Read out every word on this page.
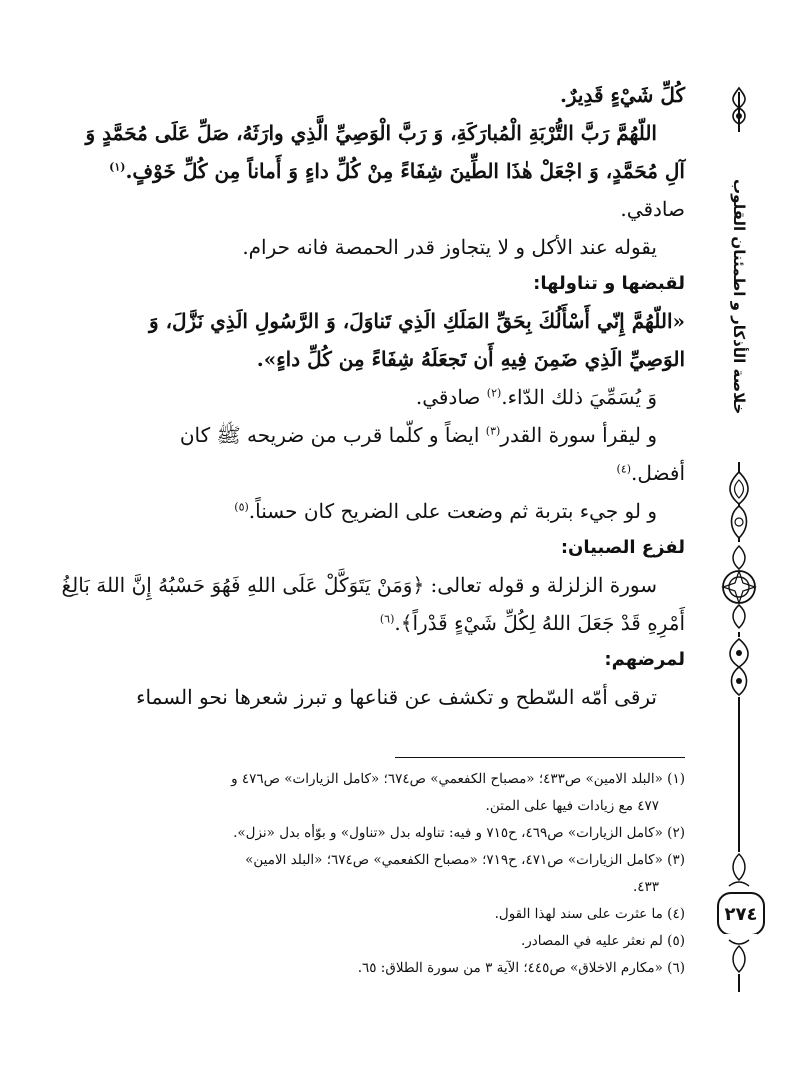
خلاصة الأذكار و اطمئنان القلوب
٢٧٤

كُلِّ شَيْءٍ قَدِيرٌ.

اللّهُمَّ رَبَّ التُّرْبَةِ الْمُبارَكَةِ، وَ رَبَّ الْوَصِيِّ الَّذِي وارَثَهُ، صَلِّ عَلَى مُحَمَّدٍ وَ

آلِ مُحَمَّدٍ، وَ اجْعَلْ هٰذَا الطِّينَ شِفَاءً مِنْ كُلِّ داءٍ وَ أَماناً مِن كُلِّ خَوْفٍ.$^{(١)}$

صادقي.

يقوله عند الأكل و لا يتجاوز قدر الحمصة فانه حرام.

لقبضها و تناولها:

«اللّهُمَّ إِنّي أَسْأَلُكَ بِحَقِّ المَلَكِ الَذِي تَناوَلَ، وَ الرَّسُولِ الَذِي نَزَّلَ، وَ

الوَصِيِّ الَذِي ضَمِنَ فِيهِ أَن تَجعَلَهُ شِفَاءً مِن كُلِّ داءٍ».

وَ يُسَمِّيَ ذلك الدّاء.$^{(٢)}$ صادقي.

و ليقرأ سورة القدر$^{(٣)}$ ايضاً و كلّما قرب من ضريحه ﷺ كان

أفضل.$^{(٤)}$

و لو جيء بتربة ثم وضعت على الضريح كان حسناً.$^{(٥)}$

لفزع الصبيان:

سورة الزلزلة و قوله تعالى: ﴿وَمَنْ يَتَوَكَّلْ عَلَى اللهِ فَهُوَ حَسْبُهُ إِنَّ اللهَ بَالِغُ

أَمْرِهِ قَدْ جَعَلَ اللهُ لِكُلِّ شَيْءٍ قَدْراً﴾.$^{(٦)}$

لمرضهم:

ترقى أمّه السّطح و تكشف عن قناعها و تبرز شعرها نحو السماء

(١) «البلد الامين» ص٤٣٣؛ «مصباح الكفعمي» ص٦٧٤؛ «كامل الزيارات» ص٤٧٦ و
٤٧٧ مع زيادات فيها على المتن.

(٢) «كامل الزيارات» ص٤٦٩، ح٧١٥ و فيه: تناوله بدل «تناول» و بوّأه بدل «نزل».

(٣) «كامل الزيارات» ص٤٧١، ح٧١٩؛ «مصباح الكفعمي» ص٦٧٤؛ «البلد الامين»
٤٣٣.

(٤) ما عثرت على سند لهذا القول.

(٥) لم نعثر عليه في المصادر.

(٦) «مكارم الاخلاق» ص٤٤٥؛ الآية ٣ من سورة الطلاق: ٦٥.
